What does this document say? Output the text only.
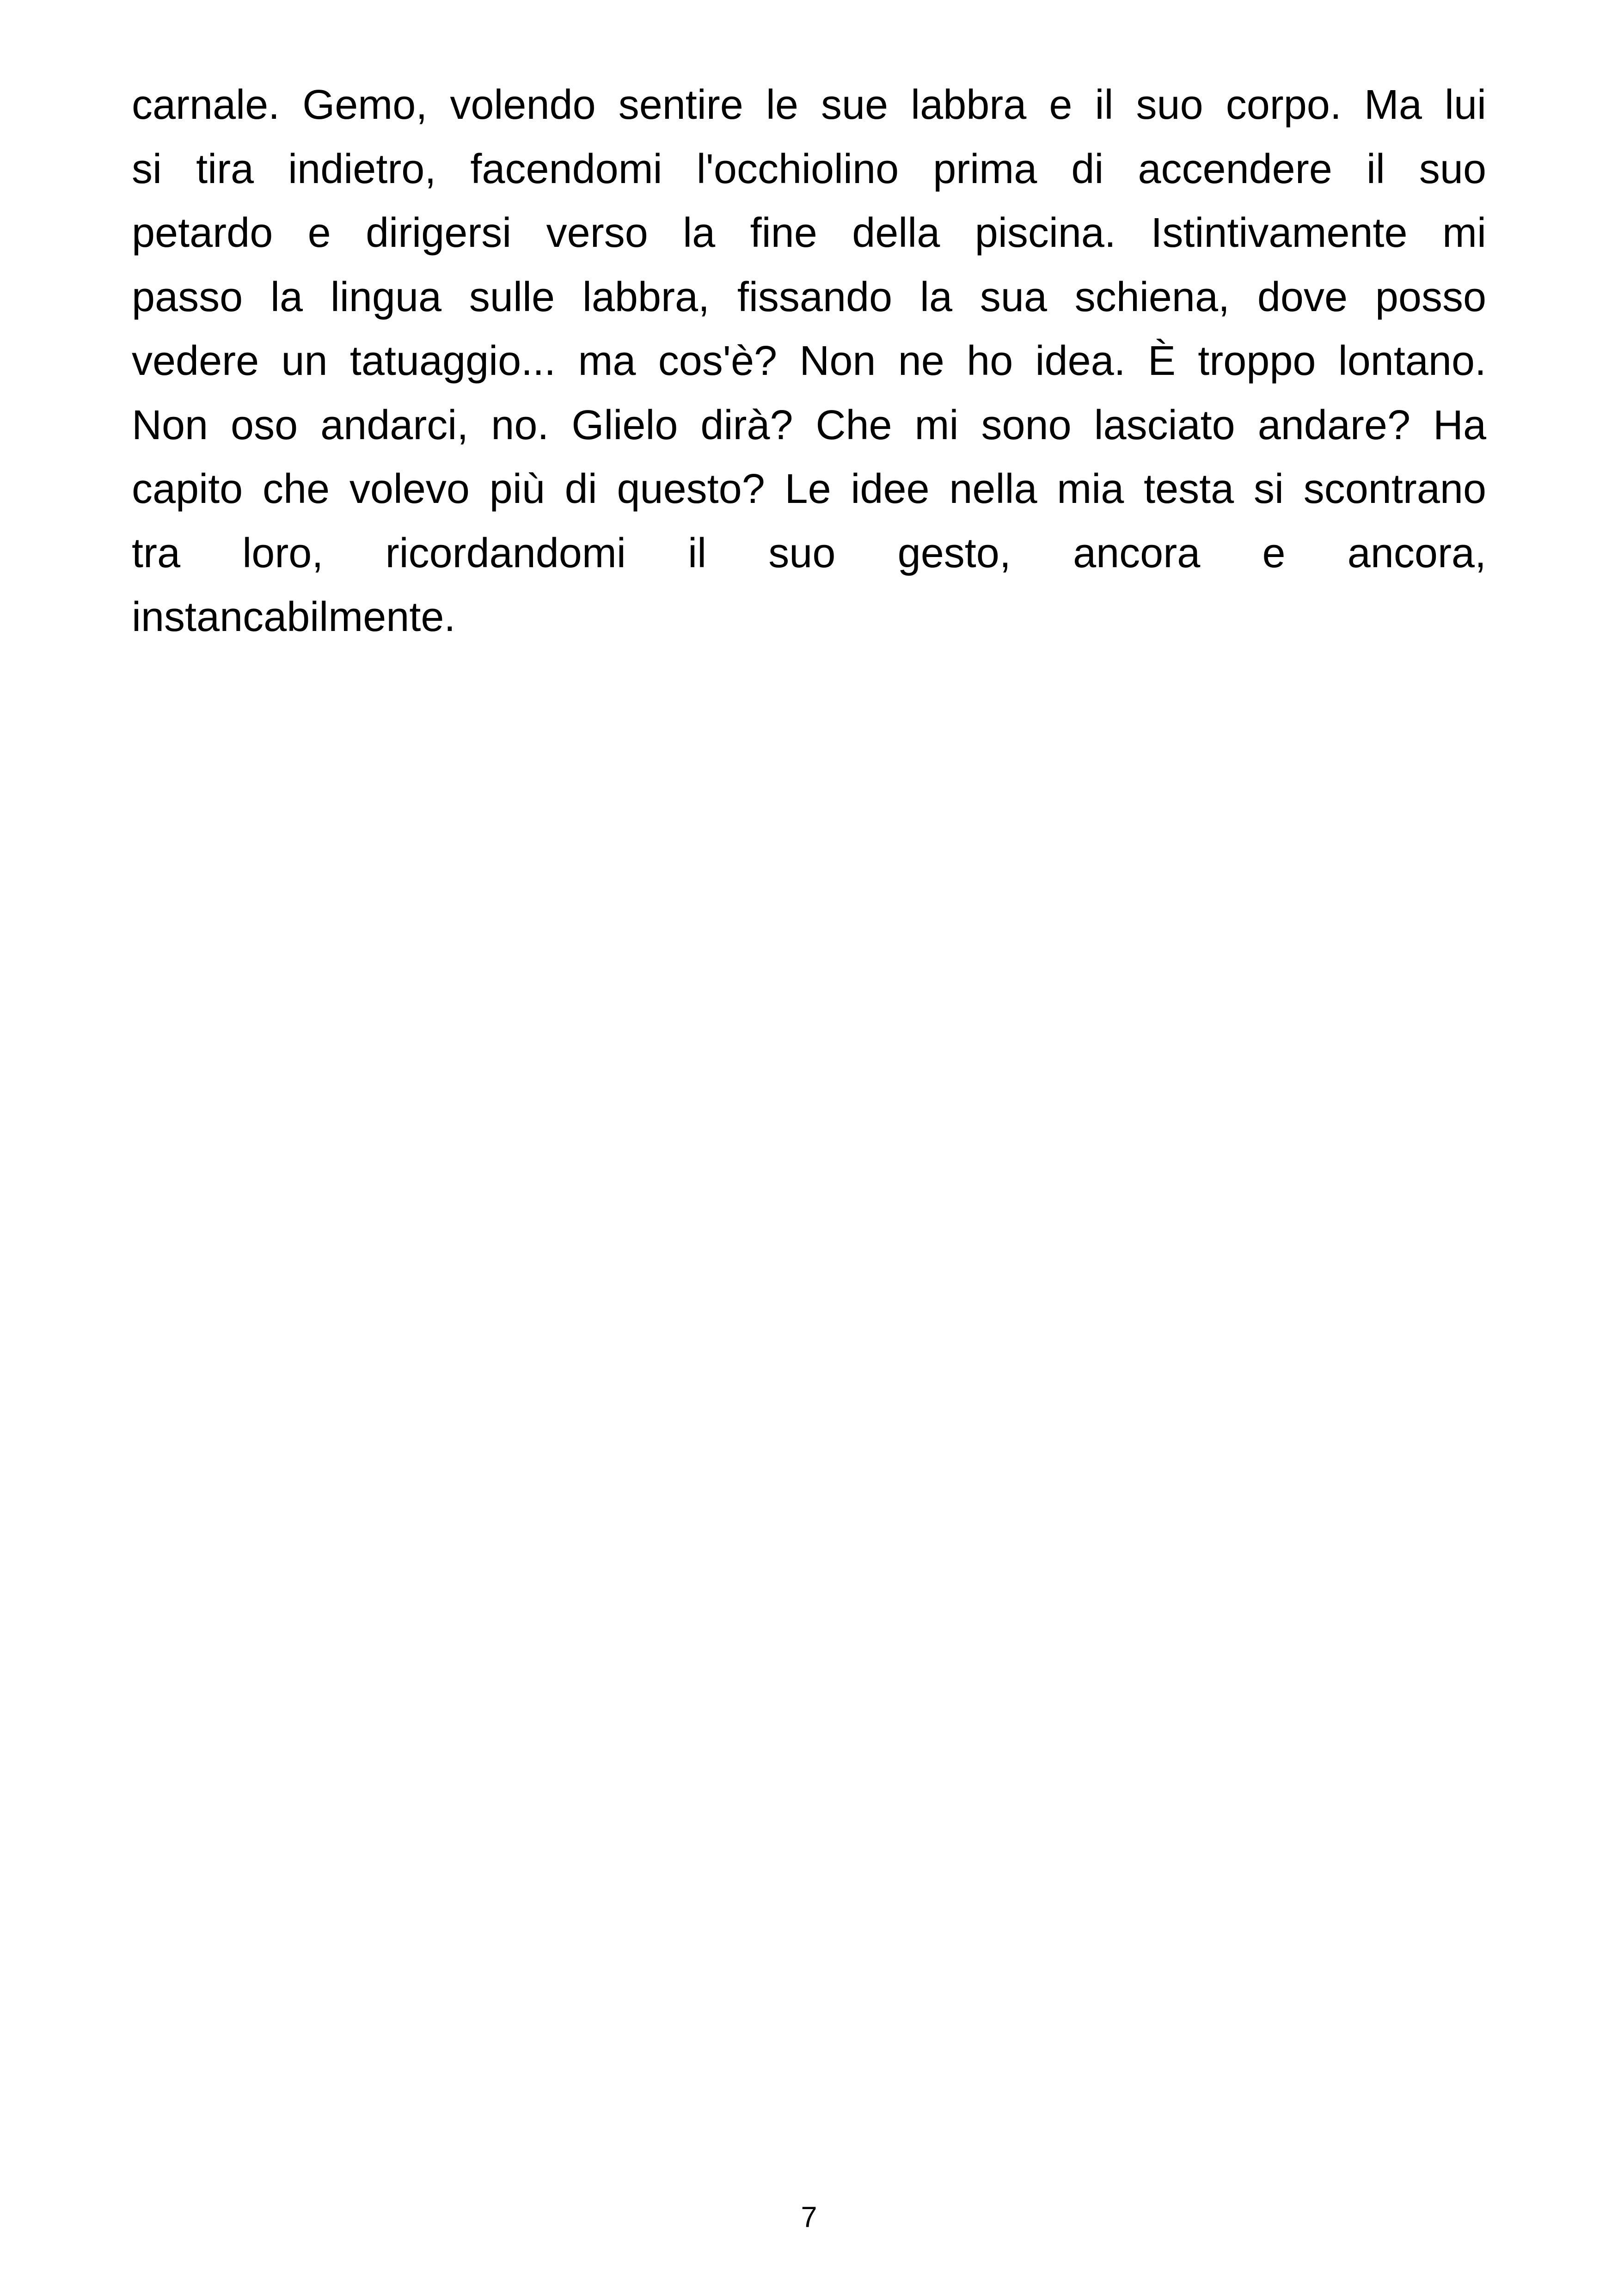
carnale. Gemo, volendo sentire le sue labbra e il suo corpo. Ma lui
si tira indietro, facendomi l'occhiolino prima di accendere il suo
petardo e dirigersi verso la fine della piscina. Istintivamente mi
passo la lingua sulle labbra, fissando la sua schiena, dove posso
vedere un tatuaggio... ma cos'è? Non ne ho idea. È troppo lontano.
Non oso andarci, no. Glielo dirà? Che mi sono lasciato andare? Ha
capito che volevo più di questo? Le idee nella mia testa si scontrano
tra loro, ricordandomi il suo gesto, ancora e ancora,
instancabilmente.
7
